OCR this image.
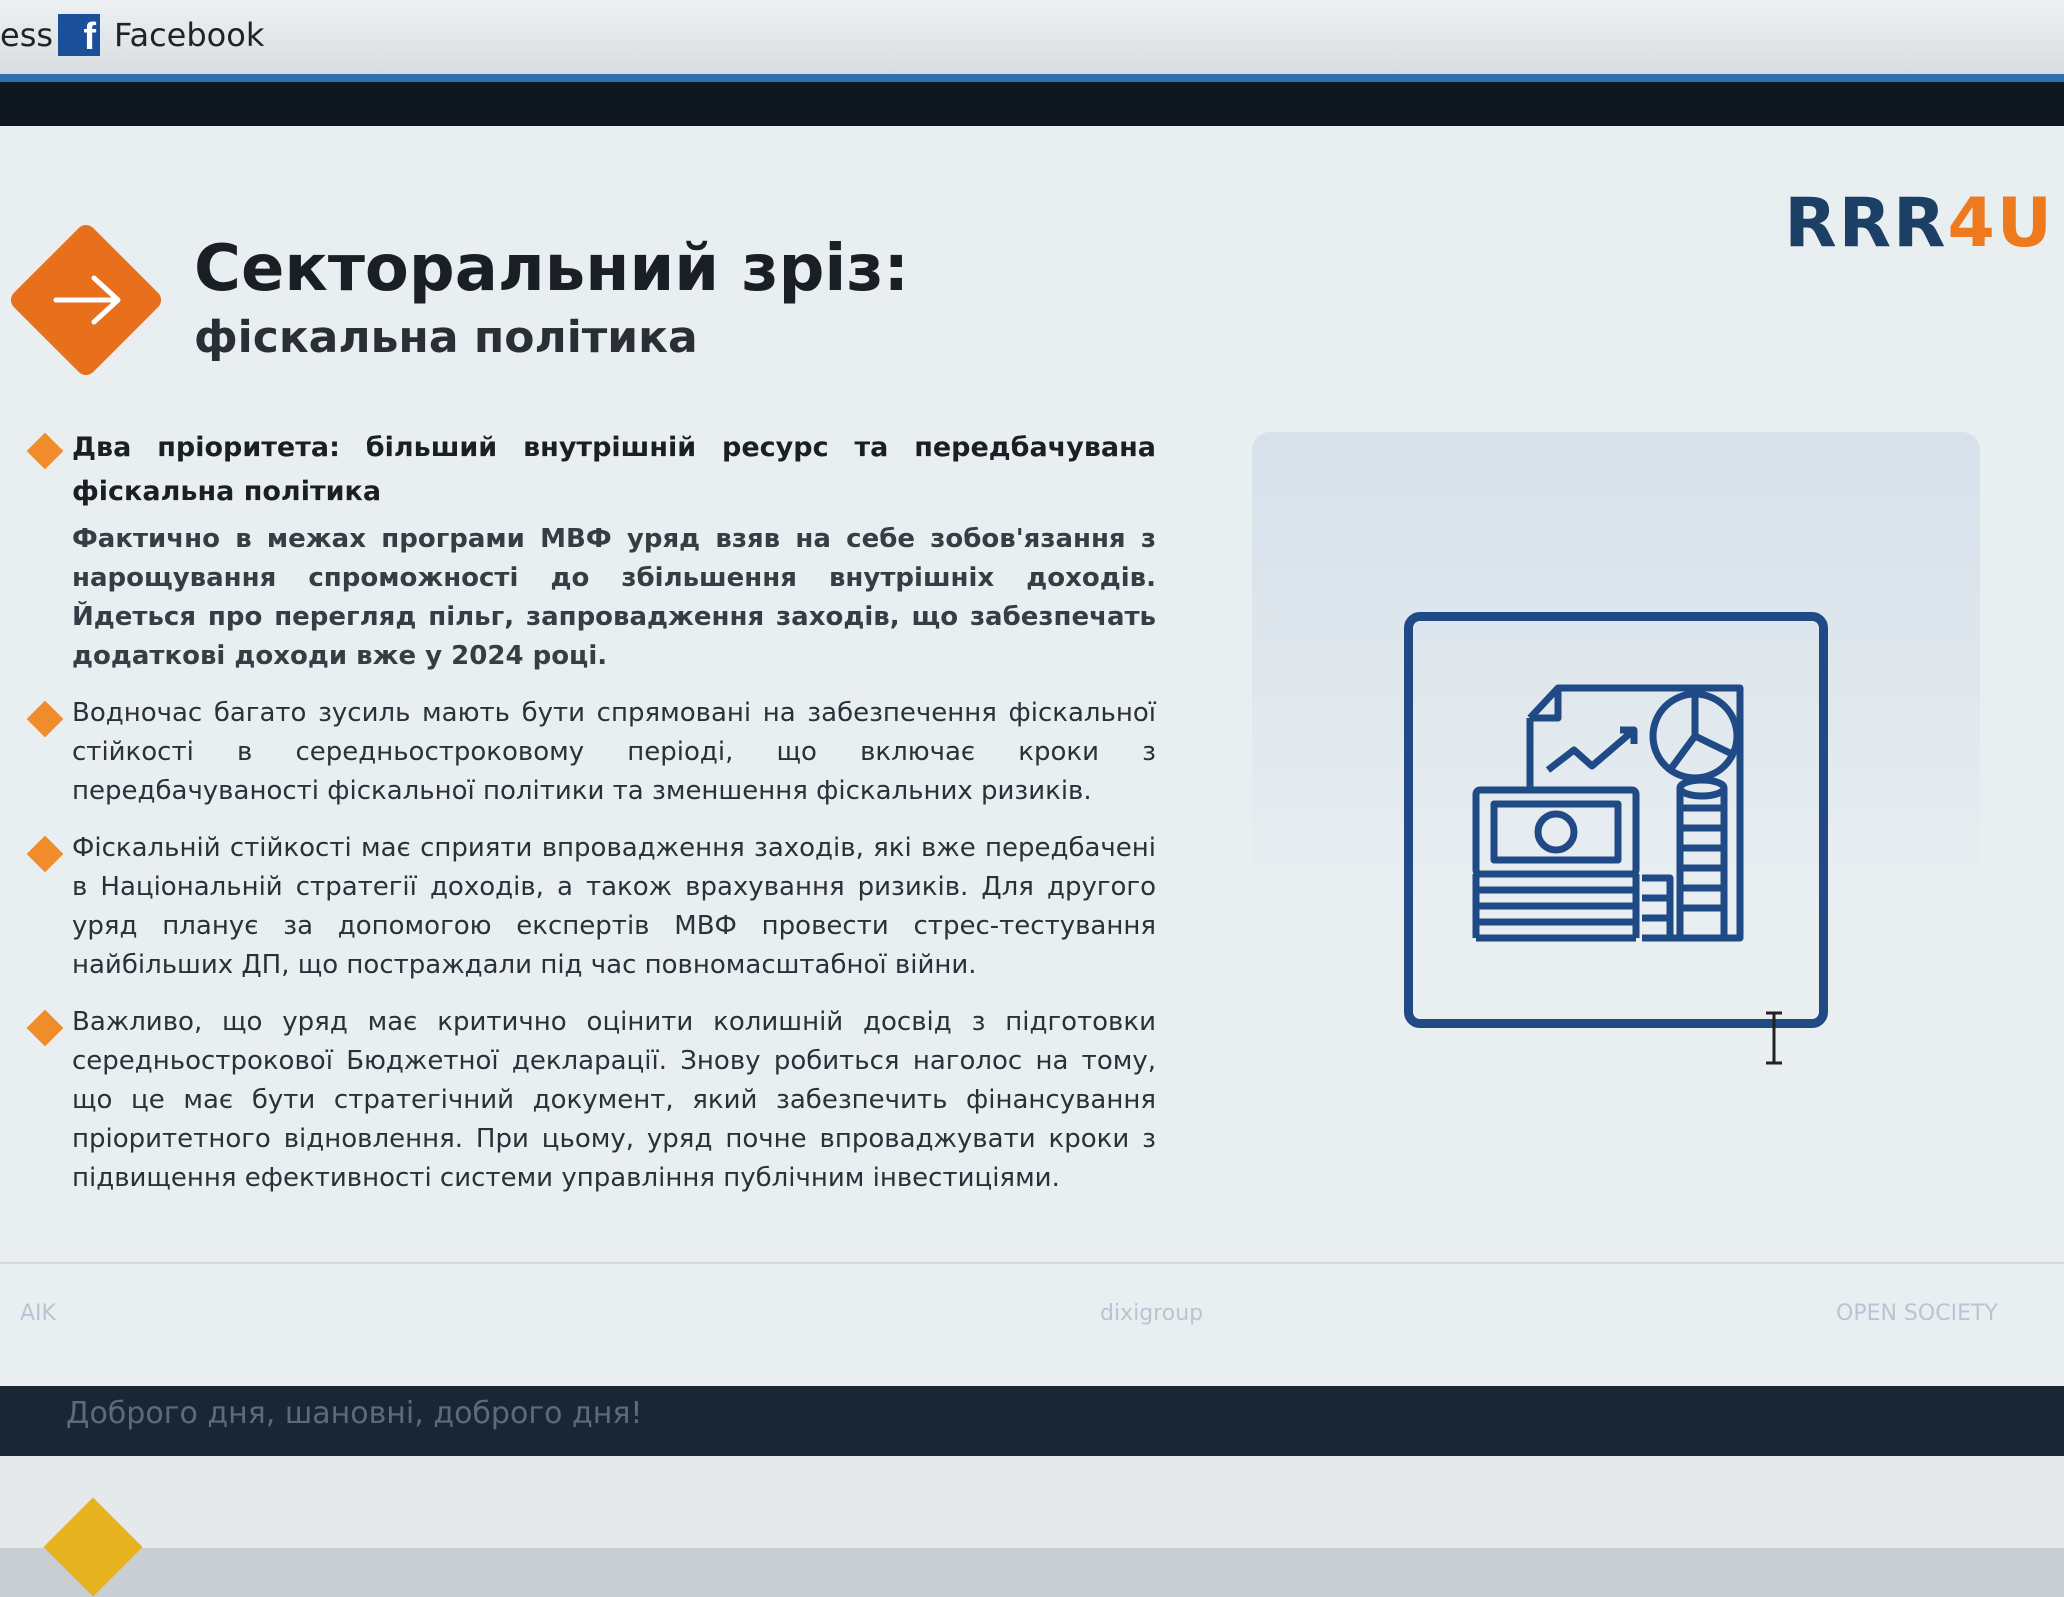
ess f Facebook
RRR4U
Секторальний зріз:
фіскальна політика

Два пріоритета: більший внутрішній ресурс та передбачувана фіскальна політика

Фактично в межах програми МВФ уряд взяв на себе зобов'язання з нарощування спроможності до збільшення внутрішніх доходів. Йдеться про перегляд пільг, запровадження заходів, що забезпечать додаткові доходи вже у 2024 році.

Водночас багато зусиль мають бути спрямовані на забезпечення фіскальної стійкості в середньостроковому періоді, що включає кроки з передбачуваності фіскальної політики та зменшення фіскальних ризиків.

Фіскальній стійкості має сприяти впровадження заходів, які вже передбачені в Національній стратегії доходів, а також врахування ризиків. Для другого уряд планує за допомогою експертів МВФ провести стрес-тестування найбільших ДП, що постраждали під час повномасштабної війни.

Важливо, що уряд має критично оцінити колишній досвід з підготовки середньострокової Бюджетної декларації. Знову робиться наголос на тому, що це має бути стратегічний документ, який забезпечить фінансування пріоритетного відновлення. При цьому, уряд почне впроваджувати кроки з підвищення ефективності системи управління публічним інвестиціями.

AIK	dixigroup	OPEN SOCIETY
Доброго дня, шановні, доброго дня!
